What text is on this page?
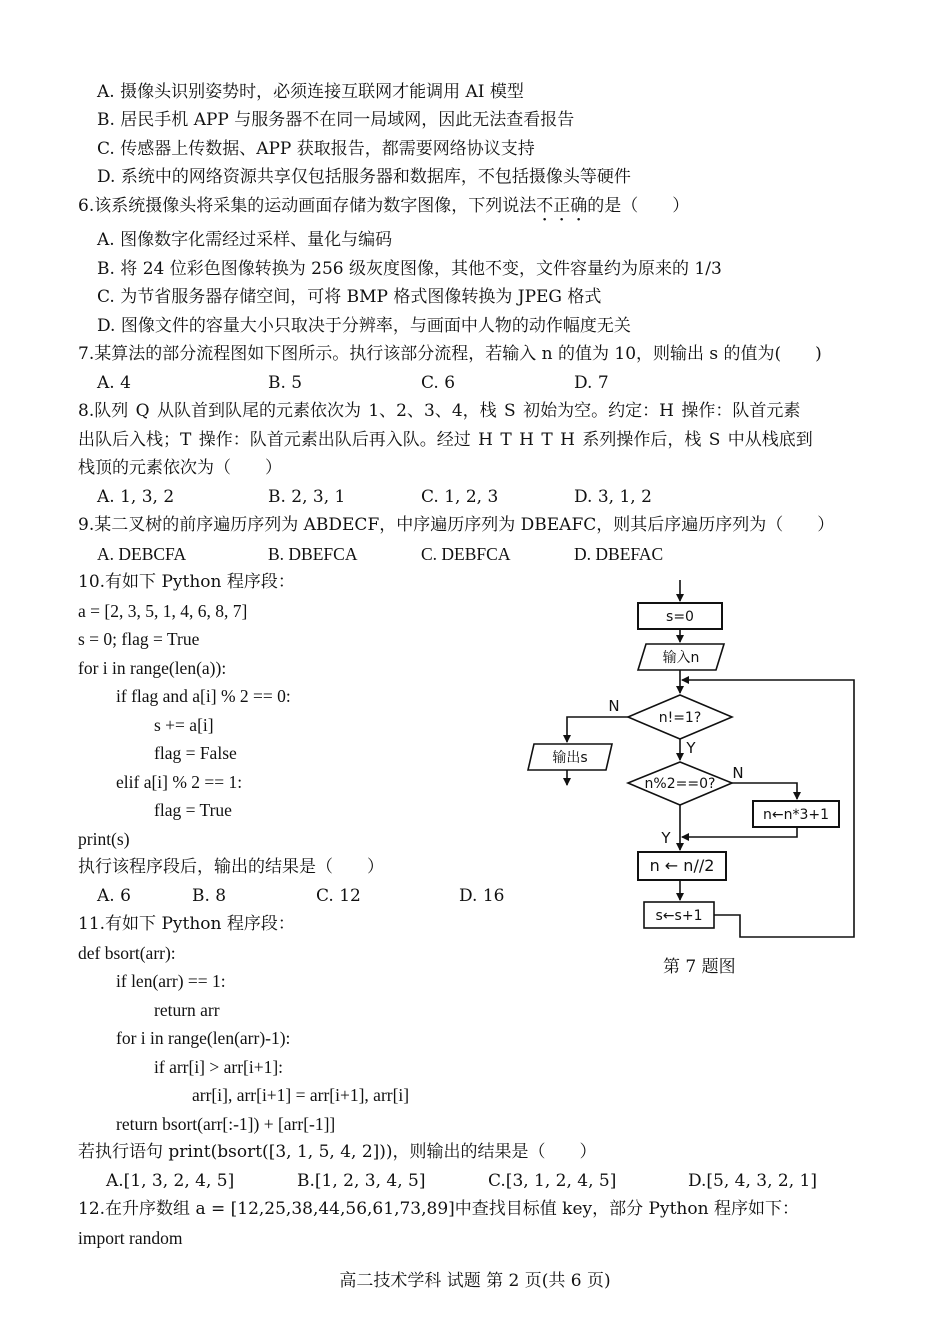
A. 摄像头识别姿势时，必须连接互联网才能调用 AI 模型
B. 居民手机 APP 与服务器不在同一局域网，因此无法查看报告
C. 传感器上传数据、APP 获取报告，都需要网络协议支持
D. 系统中的网络资源共享仅包括服务器和数据库，不包括摄像头等硬件
6.该系统摄像头将采集的运动画面存储为数字图像，下列说法不正确的是（　　）
A. 图像数字化需经过采样、量化与编码
B. 将 24 位彩色图像转换为 256 级灰度图像，其他不变，文件容量约为原来的 1/3
C. 为节省服务器存储空间，可将 BMP 格式图像转换为 JPEG 格式
D. 图像文件的容量大小只取决于分辨率，与画面中人物的动作幅度无关
7.某算法的部分流程图如下图所示。执行该部分流程，若输入 n 的值为 10，则输出 s 的值为(　　)
A. 4	B. 5	C. 6	D. 7
8.队列 Q 从队首到队尾的元素依次为 1、2、3、4，栈 S 初始为空。约定：H 操作：队首元素
出队后入栈；T 操作：队首元素出队后再入队。经过 H T H T H 系列操作后，栈 S 中从栈底到
栈顶的元素依次为（　　）
A. 1, 3, 2	B. 2, 3, 1	C. 1, 2, 3	D. 3, 1, 2
9.某二叉树的前序遍历序列为 ABDECF，中序遍历序列为 DBEAFC，则其后序遍历序列为（　　）
A. DEBCFA	B. DBEFCA	C. DEBFCA	D. DBEFAC
10.有如下 Python 程序段：
a = [2, 3, 5, 1, 4, 6, 8, 7]
s = 0; flag = True
for i in range(len(a)):
if flag and a[i] % 2 == 0:
s += a[i]
flag = False
elif a[i] % 2 == 1:
flag = True
print(s)
执行该程序段后，输出的结果是（　　）
A. 6	B. 8	C. 12	D. 16
11.有如下 Python 程序段：
def bsort(arr):
if len(arr) == 1:
return arr
for i in range(len(arr)-1):
if arr[i] > arr[i+1]:
arr[i], arr[i+1] = arr[i+1], arr[i]
return bsort(arr[:-1]) + [arr[-1]]
若执行语句 print(bsort([3, 1, 5, 4, 2]))，则输出的结果是（　　）
A.[1, 3, 2, 4, 5]	B.[1, 2, 3, 4, 5]	C.[3, 1, 2, 4, 5]	D.[5, 4, 3, 2, 1]
12.在升序数组 a = [12,25,38,44,56,61,73,89]中查找目标值 key，部分 Python 程序如下：
import random
s=0
输入n
n!=1?
输出s
n%2==0?
n←n*3+1
n ← n//2
s←s+1
N
Y
N
Y
第 7 题图
高二技术学科 试题 第 2 页(共 6 页)
